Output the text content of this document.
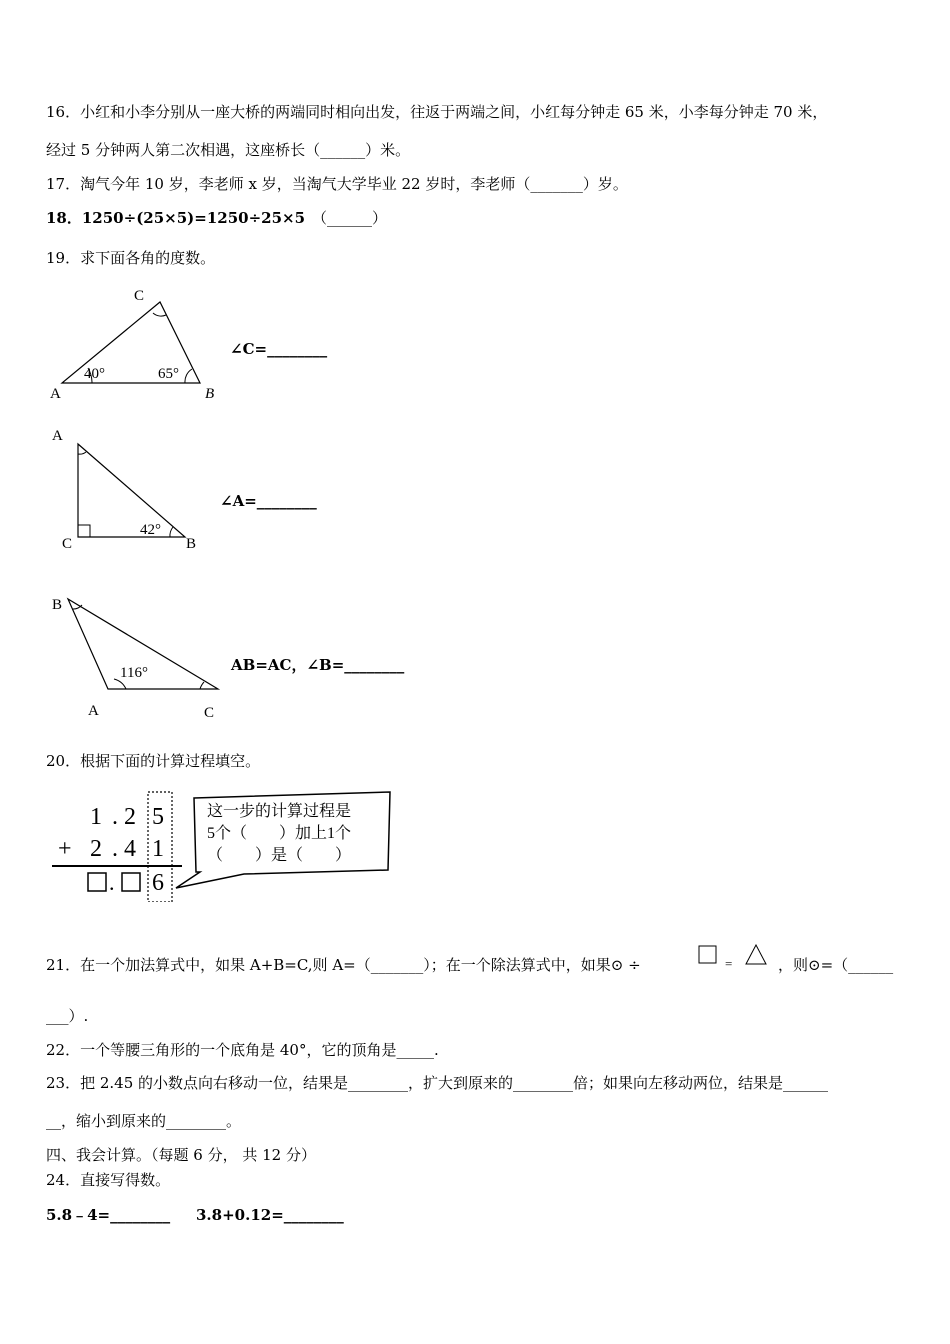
16．小红和小李分别从一座大桥的两端同时相向出发，往返于两端之间，小红每分钟走 65 米，小李每分钟走 70 米，
经过 5 分钟两人第二次相遇，这座桥长（______）米。
17．淘气今年 10 岁，李老师 x 岁，当淘气大学毕业 22 岁时，李老师（_______）岁。
18．1250÷(25×5)=1250÷25×5 （______）
19．求下面各角的度数。
A	B
C
40°	65°
∠C=________
A
C	B
42°
∠A=________
B
A	C
116°	AB=AC，∠B=________
20．根据下面的计算过程填空。
1 . 2 5
+ 2 . 4 1
6
.
这一步的计算过程是
5个（　　）加上1个
（　　）是（　　）
21．在一个加法算式中，如果 A+B=C,则 A=（_______）；在一个除法算式中，如果⊙ ÷	=	，则⊙=（______
___）.
22．一个等腰三角形的一个底角是 40°，它的顶角是_____.
23．把 2.45 的小数点向右移动一位，结果是________，扩大到原来的________倍；如果向左移动两位，结果是______
__，缩小到原来的________。
四、我会计算。（每题 6 分， 共 12 分）
24．直接写得数。
5.8﹣4=________ 3.8+0.12=________
